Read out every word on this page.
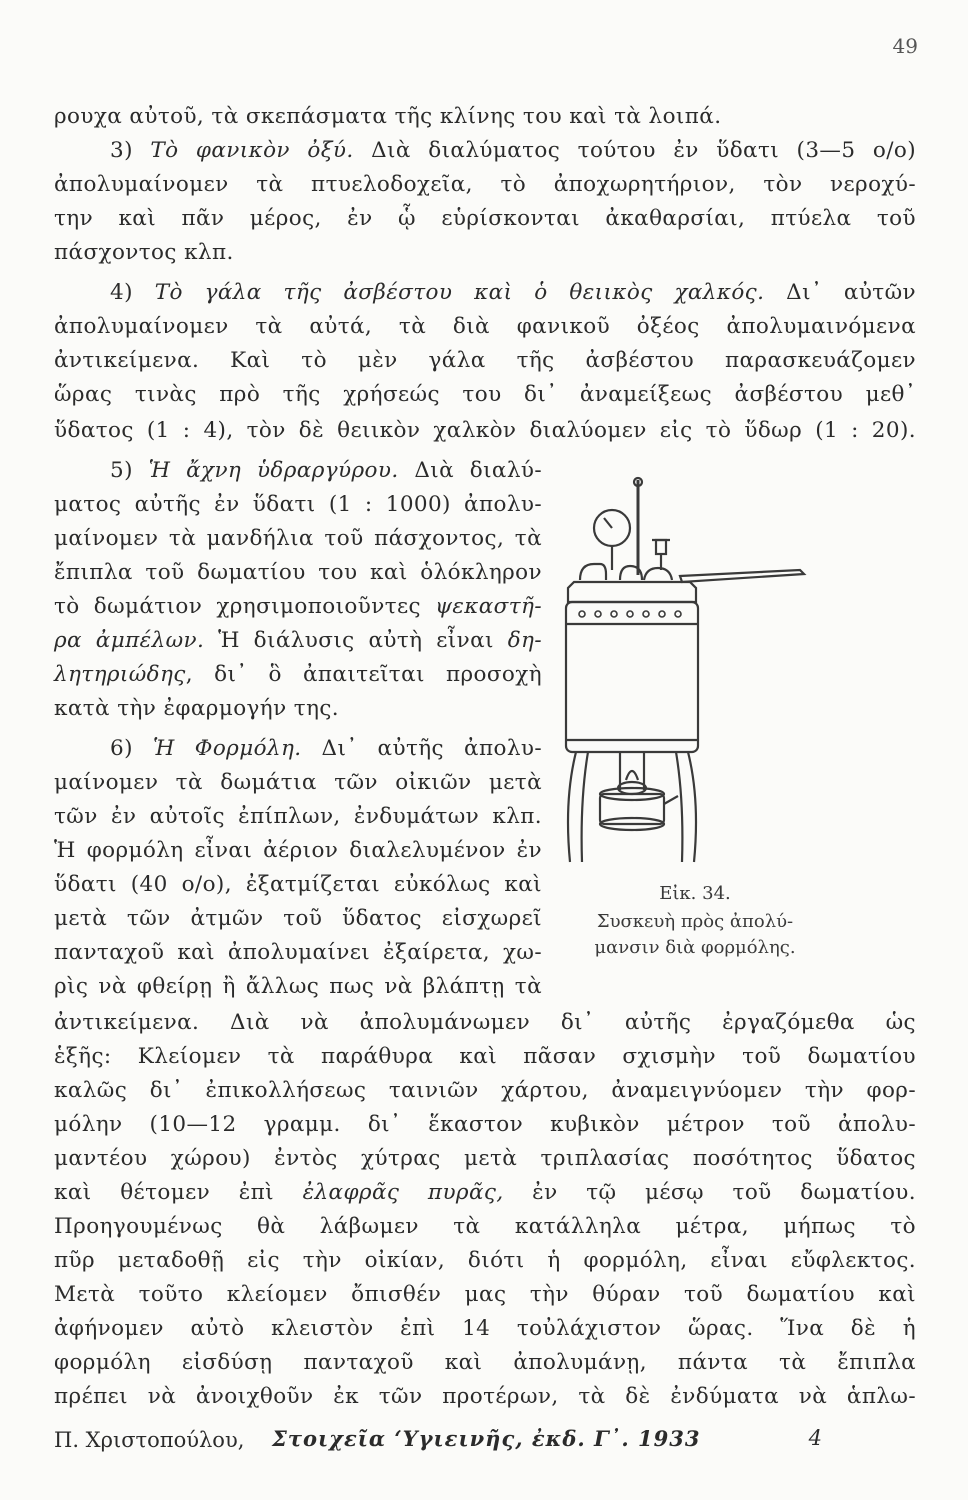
49
ρουχα αὐτοῦ, τὰ σκεπάσματα τῆς κλίνης του καὶ τὰ λοιπά.
3) Τὸ φανικὸν ὀξύ. Διὰ διαλύματος τούτου ἐν ὕδατι (3—5 ο/ο)
ἀπολυμαίνομεν τὰ πτυελοδοχεῖα, τὸ ἀποχωρητήριον, τὸν νεροχύ-
την καὶ πᾶν μέρος, ἐν ᾧ εὑρίσκονται ἀκαθαρσίαι, πτύελα τοῦ
πάσχοντος κλπ.
4) Τὸ γάλα τῆς ἀσβέστου καὶ ὁ θειικὸς χαλκός. Δι᾿ αὐτῶν
ἀπολυμαίνομεν τὰ αὐτά, τὰ διὰ φανικοῦ ὀξέος ἀπολυμαινόμενα
ἀντικείμενα. Καὶ τὸ μὲν γάλα τῆς ἀσβέστου παρασκευάζομεν
ὥρας τινὰς πρὸ τῆς χρήσεώς του δι᾿ ἀναμείξεως ἀσβέστου μεθ᾿
ὕδατος (1 : 4), τὸν δὲ θειικὸν χαλκὸν διαλύομεν εἰς τὸ ὕδωρ (1 : 20).
5) Ἡ ἄχνη ὑδραργύρου. Διὰ διαλύ-
ματος αὐτῆς ἐν ὕδατι (1 : 1000) ἀπολυ-
μαίνομεν τὰ μανδήλια τοῦ πάσχοντος, τὰ
ἔπιπλα τοῦ δωματίου του καὶ ὁλόκληρον
τὸ δωμάτιον χρησιμοποιοῦντες ψεκαστῆ-
ρα ἀμπέλων. Ἡ διάλυσις αὐτὴ εἶναι δη-
λητηριώδης, δι᾿ ὃ ἀπαιτεῖται προσοχὴ
κατὰ τὴν ἐφαρμογήν της.
6) Ἡ Φορμόλη. Δι᾿ αὐτῆς ἀπολυ-
μαίνομεν τὰ δωμάτια τῶν οἰκιῶν μετὰ
τῶν ἐν αὐτοῖς ἐπίπλων, ἐνδυμάτων κλπ.
Ἡ φορμόλη εἶναι ἀέριον διαλελυμένον ἐν
ὕδατι (40 ο/ο), ἐξατμίζεται εὐκόλως καὶ
μετὰ τῶν ἀτμῶν τοῦ ὕδατος εἰσχωρεῖ
πανταχοῦ καὶ ἀπολυμαίνει ἐξαίρετα, χω-
ρὶς νὰ φθείρῃ ἢ ἄλλως πως νὰ βλάπτῃ τὰ
ἀντικείμενα. Διὰ νὰ ἀπολυμάνωμεν δι᾿ αὐτῆς ἐργαζόμεθα ὡς
ἑξῆς: Κλείομεν τὰ παράθυρα καὶ πᾶσαν σχισμὴν τοῦ δωματίου
καλῶς δι᾿ ἐπικολλήσεως ταινιῶν χάρτου, ἀναμειγνύομεν τὴν φορ-
μόλην (10—12 γραμμ. δι᾿ ἕκαστον κυβικὸν μέτρον τοῦ ἀπολυ-
μαντέου χώρου) ἐντὸς χύτρας μετὰ τριπλασίας ποσότητος ὕδατος
καὶ θέτομεν ἐπὶ ἐλαφρᾶς πυρᾶς, ἐν τῷ μέσῳ τοῦ δωματίου.
Προηγουμένως θὰ λάβωμεν τὰ κατάλληλα μέτρα, μήπως τὸ
πῦρ μεταδοθῇ εἰς τὴν οἰκίαν, διότι ἡ φορμόλη, εἶναι εὔφλεκτος.
Μετὰ τοῦτο κλείομεν ὄπισθέν μας τὴν θύραν τοῦ δωματίου καὶ
ἀφήνομεν αὐτὸ κλειστὸν ἐπὶ 14 τοὐλάχιστον ὥρας. Ἵνα δὲ ἡ
φορμόλη εἰσδύσῃ πανταχοῦ καὶ ἀπολυμάνῃ, πάντα τὰ ἔπιπλα
πρέπει νὰ ἀνοιχθοῦν ἐκ τῶν προτέρων, τὰ δὲ ἐνδύματα νὰ ἁπλω-
Εἰκ. 34.
Συσκευὴ πρὸς ἀπολύ-
μανσιν διὰ φορμόλης.
Π. Χριστοπούλου, Στοιχεῖα ʻΥγιεινῆς, ἐκδ. Γ᾿. 1933	4
